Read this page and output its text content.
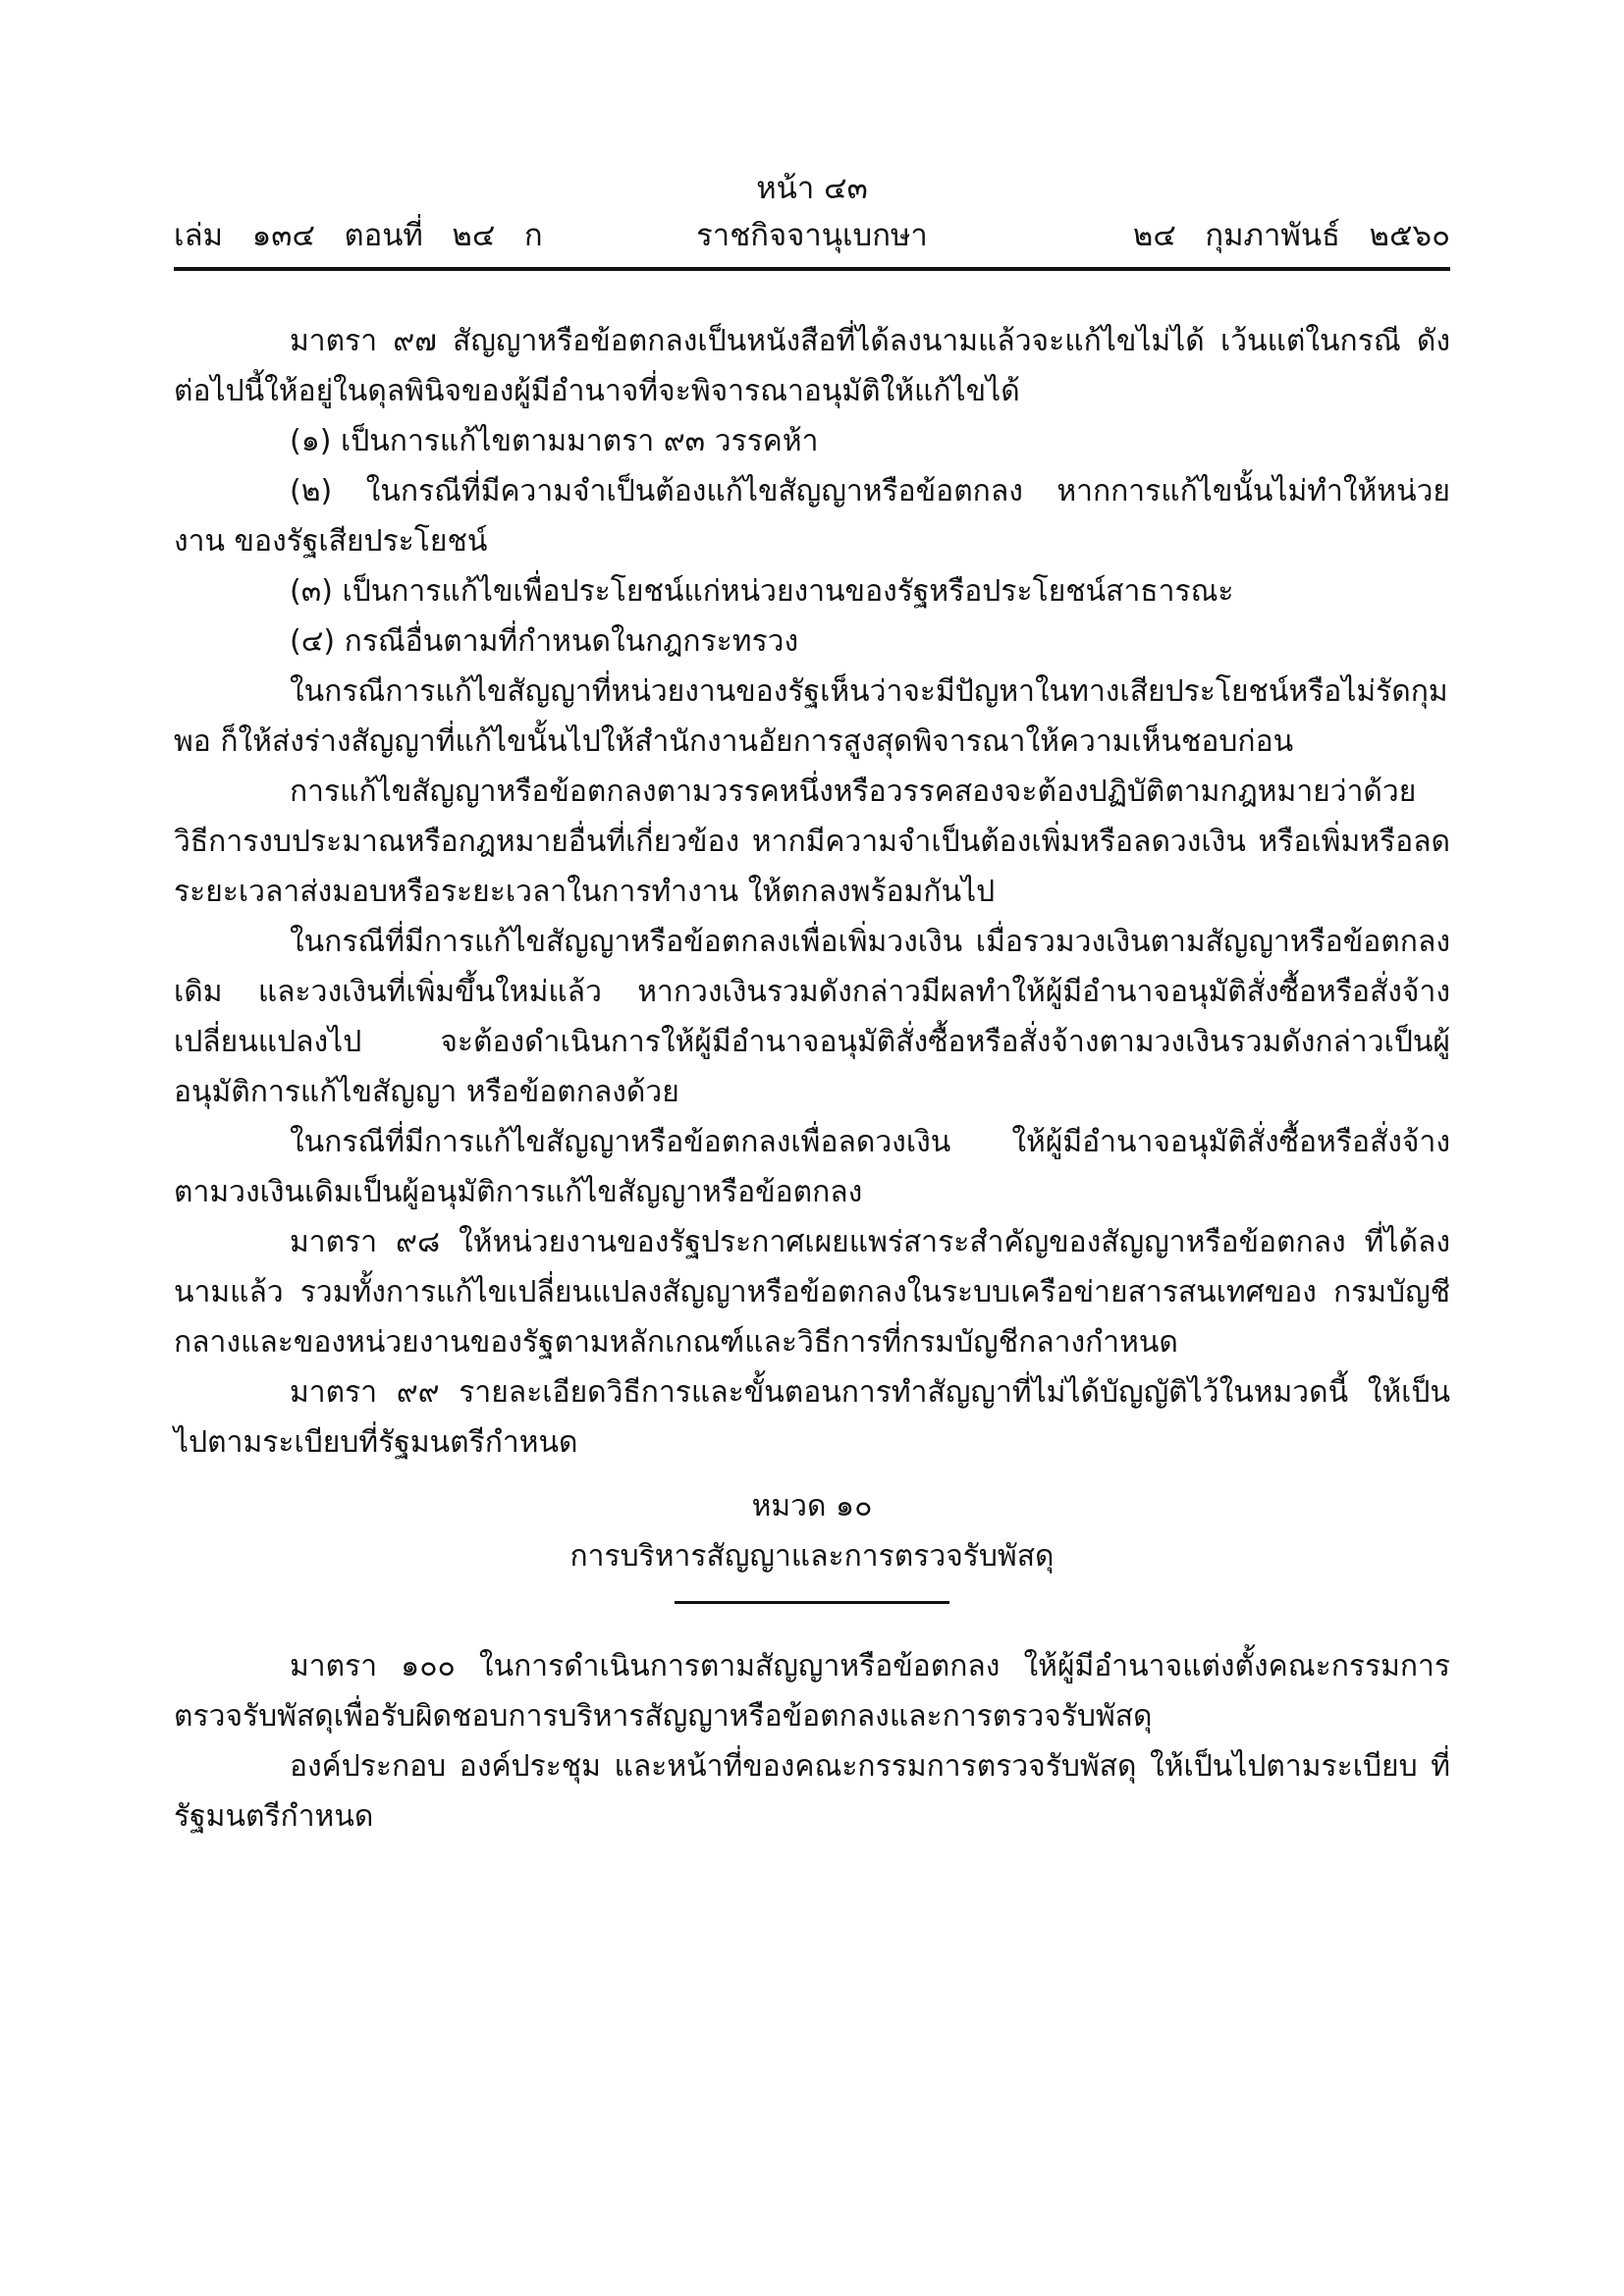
หน้า ๔๓
ราชกิจจานุเบกษา
เล่ม   ๑๓๔   ตอนที่   ๒๔   ก	๒๔   กุมภาพันธ์   ๒๕๖๐

มาตรา ๙๗ สัญญาหรือข้อตกลงเป็นหนังสือที่ได้ลงนามแล้วจะแก้ไขไม่ได้ เว้นแต่ในกรณี ดังต่อไปนี้ให้อยู่ในดุลพินิจของผู้มีอำนาจที่จะพิจารณาอนุมัติให้แก้ไขได้

(๑) เป็นการแก้ไขตามมาตรา ๙๓ วรรคห้า

(๒) ในกรณีที่มีความจำเป็นต้องแก้ไขสัญญาหรือข้อตกลง หากการแก้ไขนั้นไม่ทำให้หน่วยงาน ของรัฐเสียประโยชน์

(๓) เป็นการแก้ไขเพื่อประโยชน์แก่หน่วยงานของรัฐหรือประโยชน์สาธารณะ

(๔) กรณีอื่นตามที่กำหนดในกฎกระทรวง

ในกรณีการแก้ไขสัญญาที่หน่วยงานของรัฐเห็นว่าจะมีปัญหาในทางเสียประโยชน์หรือไม่รัดกุมพอ ก็ให้ส่งร่างสัญญาที่แก้ไขนั้นไปให้สำนักงานอัยการสูงสุดพิจารณาให้ความเห็นชอบก่อน

การแก้ไขสัญญาหรือข้อตกลงตามวรรคหนึ่งหรือวรรคสองจะต้องปฏิบัติตามกฎหมายว่าด้วย วิธีการงบประมาณหรือกฎหมายอื่นที่เกี่ยวข้อง หากมีความจำเป็นต้องเพิ่มหรือลดวงเงิน หรือเพิ่มหรือลด ระยะเวลาส่งมอบหรือระยะเวลาในการทำงาน ให้ตกลงพร้อมกันไป

ในกรณีที่มีการแก้ไขสัญญาหรือข้อตกลงเพื่อเพิ่มวงเงิน เมื่อรวมวงเงินตามสัญญาหรือข้อตกลงเดิม และวงเงินที่เพิ่มขึ้นใหม่แล้ว หากวงเงินรวมดังกล่าวมีผลทำให้ผู้มีอำนาจอนุมัติสั่งซื้อหรือสั่งจ้างเปลี่ยนแปลงไป จะต้องดำเนินการให้ผู้มีอำนาจอนุมัติสั่งซื้อหรือสั่งจ้างตามวงเงินรวมดังกล่าวเป็นผู้อนุมัติการแก้ไขสัญญา หรือข้อตกลงด้วย

ในกรณีที่มีการแก้ไขสัญญาหรือข้อตกลงเพื่อลดวงเงิน ให้ผู้มีอำนาจอนุมัติสั่งซื้อหรือสั่งจ้าง ตามวงเงินเดิมเป็นผู้อนุมัติการแก้ไขสัญญาหรือข้อตกลง

มาตรา ๙๘ ให้หน่วยงานของรัฐประกาศเผยแพร่สาระสำคัญของสัญญาหรือข้อตกลง ที่ได้ลงนามแล้ว รวมทั้งการแก้ไขเปลี่ยนแปลงสัญญาหรือข้อตกลงในระบบเครือข่ายสารสนเทศของ กรมบัญชีกลางและของหน่วยงานของรัฐตามหลักเกณฑ์และวิธีการที่กรมบัญชีกลางกำหนด

มาตรา ๙๙ รายละเอียดวิธีการและขั้นตอนการทำสัญญาที่ไม่ได้บัญญัติไว้ในหมวดนี้ ให้เป็นไปตามระเบียบที่รัฐมนตรีกำหนด

หมวด ๑๐

การบริหารสัญญาและการตรวจรับพัสดุ

มาตรา ๑๐๐ ในการดำเนินการตามสัญญาหรือข้อตกลง ให้ผู้มีอำนาจแต่งตั้งคณะกรรมการ ตรวจรับพัสดุเพื่อรับผิดชอบการบริหารสัญญาหรือข้อตกลงและการตรวจรับพัสดุ

องค์ประกอบ องค์ประชุม และหน้าที่ของคณะกรรมการตรวจรับพัสดุ ให้เป็นไปตามระเบียบ ที่รัฐมนตรีกำหนด
